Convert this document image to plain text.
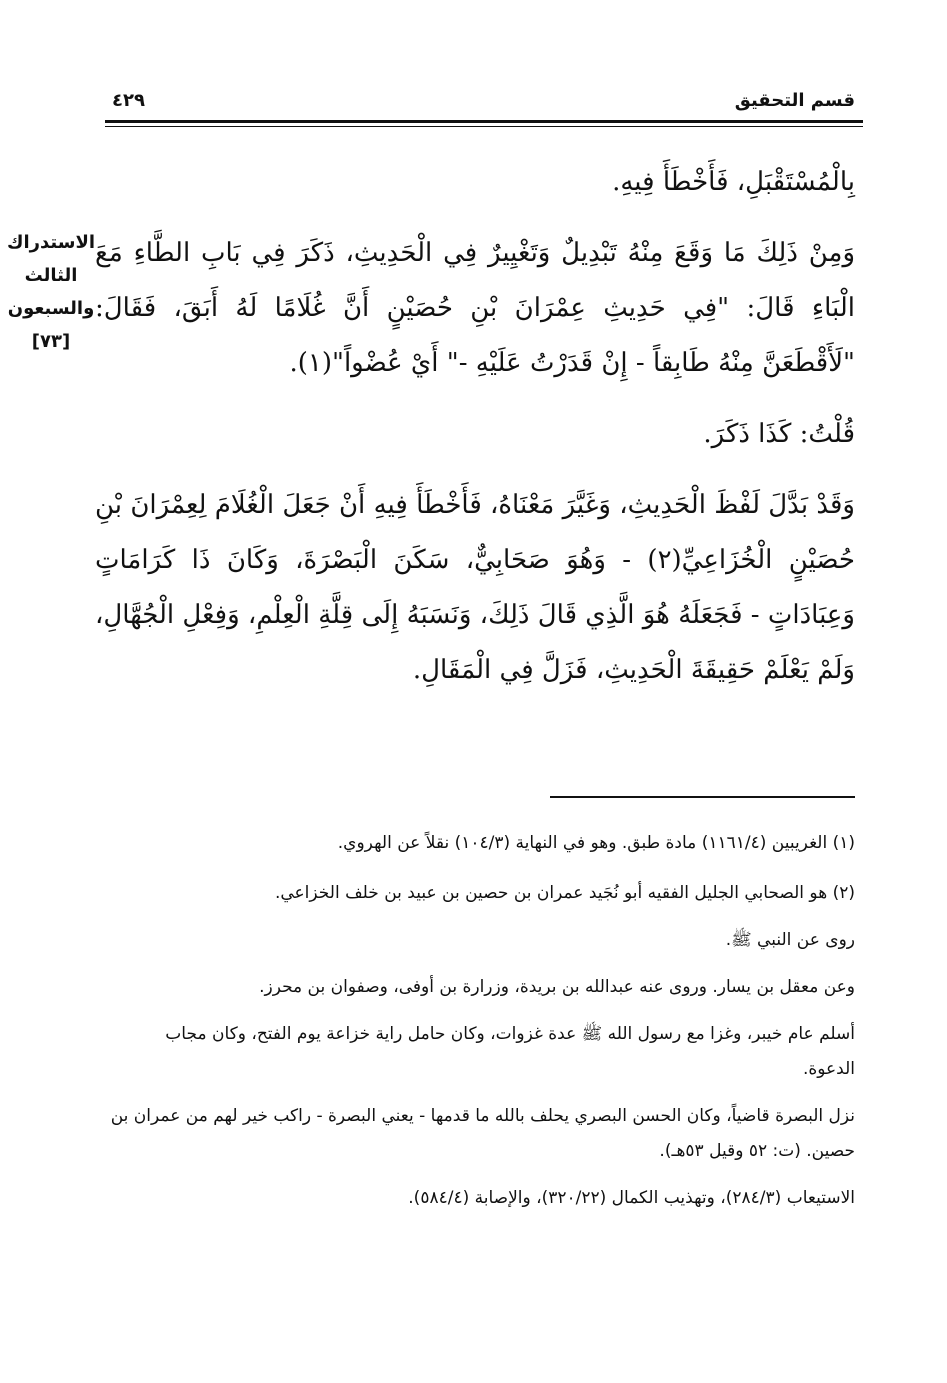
قسم التحقيق
٤٢٩
الاستدراك
الثالث
والسبعون
[٧٣]

بِالْمُسْتَقْبَلِ، فَأَخْطَأَ فِيهِ.

وَمِنْ ذَلِكَ مَا وَقَعَ مِنْهُ تَبْدِيلٌ وَتَغْيِيرٌ فِي الْحَدِيثِ، ذَكَرَ فِي بَابِ الطَّاءِ مَعَ الْبَاءِ قَالَ: "فِي حَدِيثِ عِمْرَانَ بْنِ حُصَيْنٍ أَنَّ غُلَامًا لَهُ أَبَقَ، فَقَالَ: "لَأَقْطَعَنَّ مِنْهُ طَابِقاً - إِنْ قَدَرْتُ عَلَيْهِ -" أَيْ عُضْواً"(١).

قُلْتُ: كَذَا ذَكَرَ.

وَقَدْ بَدَّلَ لَفْظَ الْحَدِيثِ، وَغَيَّرَ مَعْنَاهُ، فَأَخْطَأَ فِيهِ أَنْ جَعَلَ الْغُلَامَ لِعِمْرَانَ بْنِ حُصَيْنٍ الْخُزَاعِيِّ(٢) - وَهُوَ صَحَابِيٌّ، سَكَنَ الْبَصْرَةَ، وَكَانَ ذَا كَرَامَاتٍ وَعِبَادَاتٍ - فَجَعَلَهُ هُوَ الَّذِي قَالَ ذَلِكَ، وَنَسَبَهُ إِلَى قِلَّةِ الْعِلْمِ، وَفِعْلِ الْجُهَّالِ، وَلَمْ يَعْلَمْ حَقِيقَةَ الْحَدِيثِ، فَزَلَّ فِي الْمَقَالِ.

(١) الغريبين (١١٦١/٤) مادة طبق. وهو في النهاية (١٠٤/٣) نقلاً عن الهروي.

(٢) هو الصحابي الجليل الفقيه أبو نُجَيد عمران بن حصين بن عبيد بن خلف الخزاعي.

روى عن النبي ﷺ.

وعن معقل بن يسار. وروى عنه عبدالله بن بريدة، وزرارة بن أوفى، وصفوان بن محرز.

أسلم عام خيبر، وغزا مع رسول الله ﷺ عدة غزوات، وكان حامل راية خزاعة يوم الفتح، وكان مجاب الدعوة.

نزل البصرة قاضياً، وكان الحسن البصري يحلف بالله ما قدمها - يعني البصرة - راكب خير لهم من عمران بن حصين. (ت: ٥٢ وقيل ٥٣هـ).

الاستيعاب (٢٨٤/٣)، وتهذيب الكمال (٣٢٠/٢٢)، والإصابة (٥٨٤/٤).
